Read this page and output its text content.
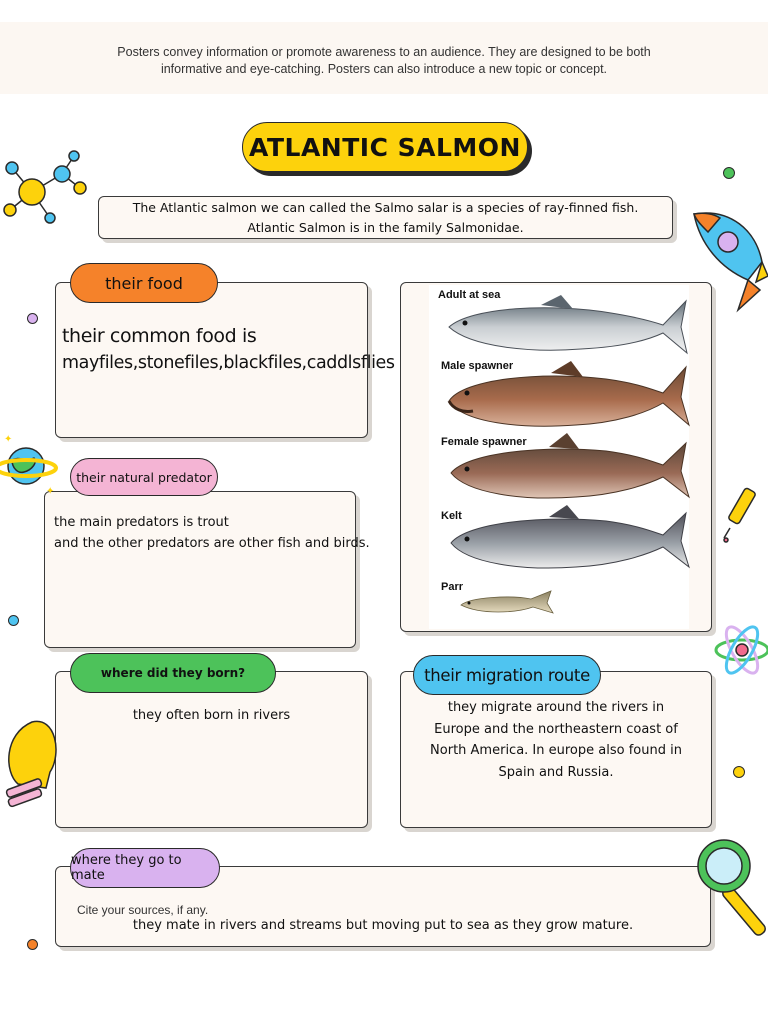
Posters convey information or promote awareness to an audience. They are designed to be both
informative and eye-catching. Posters can also introduce a new topic or concept.
ATLANTIC SALMON
The Atlantic salmon we can called the Salmo salar is a species of ray-finned fish.
Atlantic Salmon is in the family Salmonidae.
their food
their common food is
mayfiles,stonefiles,blackfiles,caddlsflies
their natural predator
the main predators is trout
and the other predators are other fish and birds.
Adult at sea
Male spawner
Female spawner
Kelt
Parr
where did they born?
they often born in rivers
their migration route
they migrate around the rivers in
Europe and the northeastern coast of
North America. In europe also found in
Spain and Russia.
where they go to mate
Cite your sources, if any.
they mate in rivers and streams but moving put to sea as they grow mature.
✦
✦
